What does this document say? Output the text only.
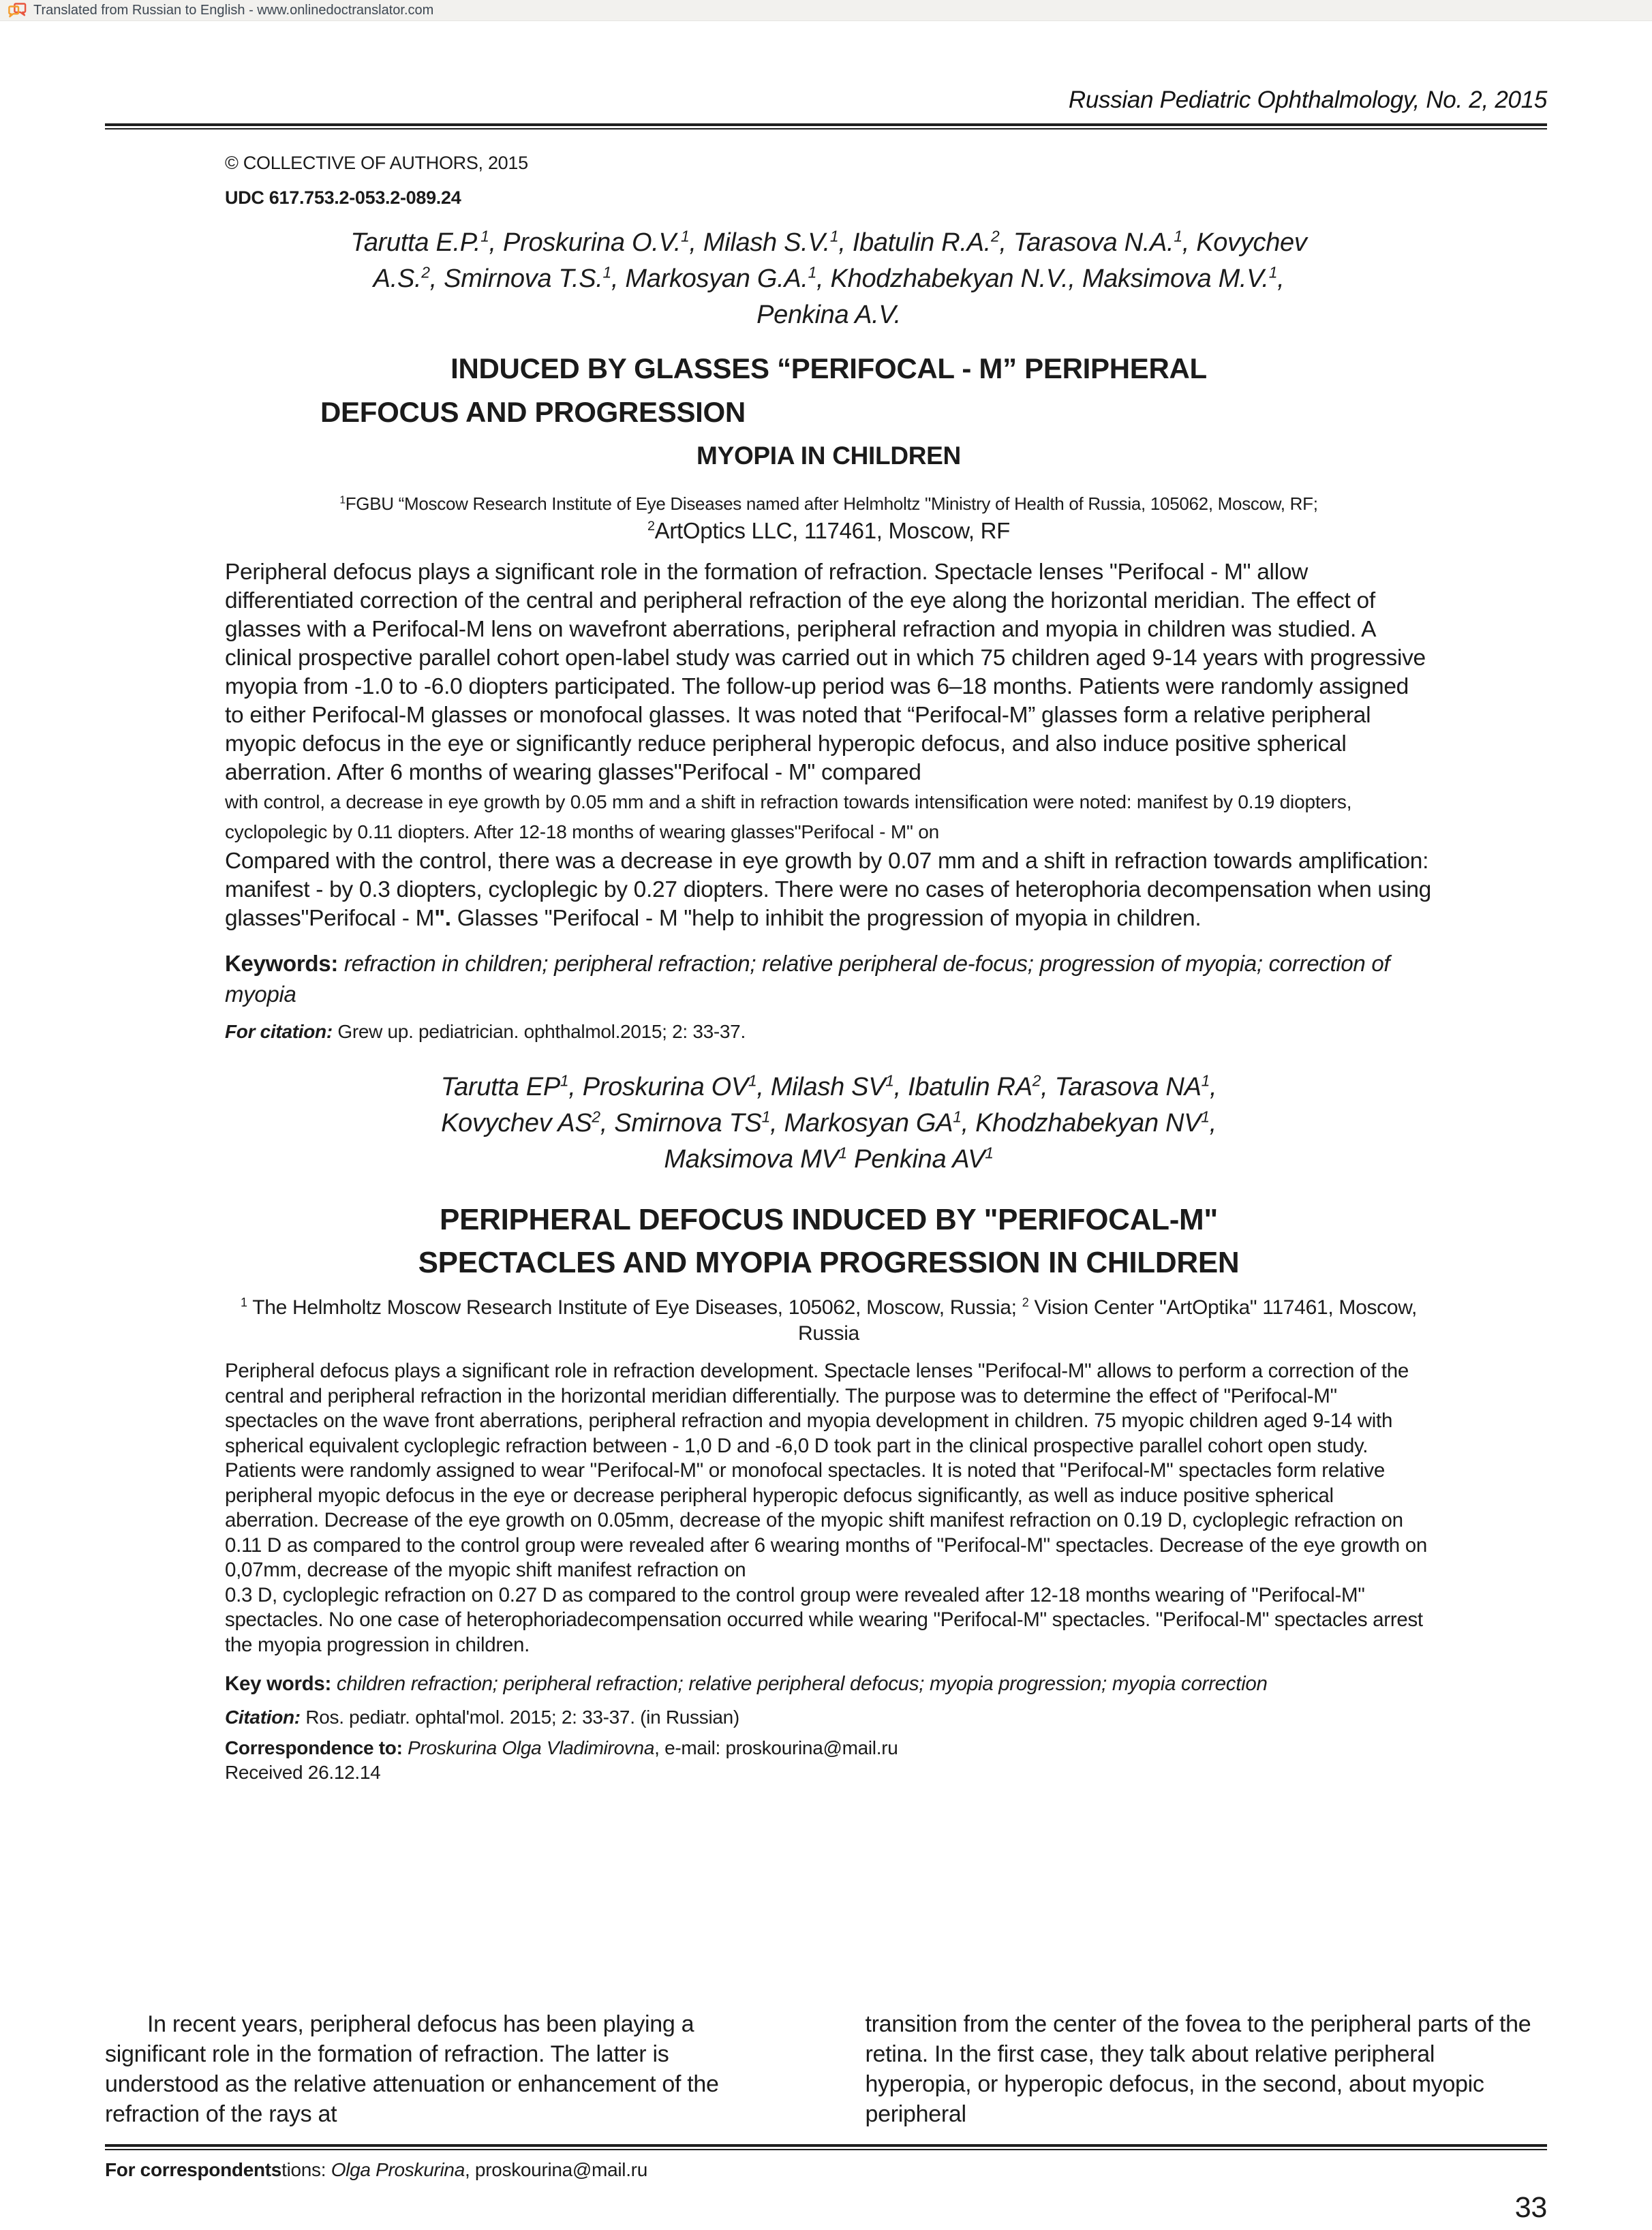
Translated from Russian to English - www.onlinedoctranslator.com
Russian Pediatric Ophthalmology, No. 2, 2015
© COLLECTIVE OF AUTHORS, 2015
UDC 617.753.2-053.2-089.24
Tarutta E.P.$^1$, Proskurina O.V.$^1$, Milash S.V.$^1$, Ibatulin R.A.$^2$, Tarasova N.A.$^1$, Kovychev
A.S.$^2$, Smirnova T.S.$^1$, Markosyan G.A.$^1$, Khodzhabekyan N.V., Maksimova M.V.$^1$,
Penkina A.V.
INDUCED BY GLASSES “PERIFOCAL - M” PERIPHERAL
DEFOCUS AND PROGRESSION
MYOPIA IN CHILDREN
$^1$FGBU “Moscow Research Institute of Eye Diseases named after Helmholtz "Ministry of Health of Russia, 105062, Moscow, RF;
$^2$ArtOptics LLC, 117461, Moscow, RF
Peripheral defocus plays a significant role in the formation of refraction. Spectacle lenses "Perifocal - M" allow differentiated correction of the central and peripheral refraction of the eye along the horizontal meridian. The effect of glasses with a Perifocal-M lens on wavefront aberrations, peripheral refraction and myopia in children was studied. A clinical prospective parallel cohort open-label study was carried out in which 75 children aged 9-14 years with progressive myopia from -1.0 to -6.0 diopters participated. The follow-up period was 6–18 months. Patients were randomly assigned to either Perifocal-M glasses or monofocal glasses. It was noted that “Perifocal-M” glasses form a relative peripheral myopic defocus in the eye or significantly reduce peripheral hyperopic defocus, and also induce positive spherical aberration. After 6 months of wearing glasses"Perifocal - M" compared
with control, a decrease in eye growth by 0.05 mm and a shift in refraction towards intensification were noted: manifest by 0.19 diopters, cyclopolegic by 0.11 diopters. After 12-18 months of wearing glasses"Perifocal - M" on
Compared with the control, there was a decrease in eye growth by 0.07 mm and a shift in refraction towards amplification: manifest - by 0.3 diopters, cycloplegic by 0.27 diopters. There were no cases of heterophoria decompensation when using glasses"Perifocal - M". Glasses "Perifocal - M "help to inhibit the progression of myopia in children.
Keywords: refraction in children; peripheral refraction; relative peripheral de-focus; progression of myopia; correction of myopia
For citation: Grew up. pediatrician. ophthalmol.2015; 2: 33-37.
Tarutta $EP^1$, Proskurina $OV^1$, Milash $SV^1$, Ibatulin $RA^2$, Tarasova $NA^1$,
Kovychev $AS^2$, Smirnova $TS^1$, Markosyan $GA^1$, Khodzhabekyan $NV^1$,
Maksimova $MV^1$ Penkina $AV^1$
PERIPHERAL DEFOCUS INDUCED BY "PERIFOCAL-M"
SPECTACLES AND MYOPIA PROGRESSION IN CHILDREN
$^1$ The Helmholtz Moscow Research Institute of Eye Diseases, 105062, Moscow, Russia; $^2$ Vision Center "ArtOptika" 117461, Moscow, Russia
Peripheral defocus plays a significant role in refraction development. Spectacle lenses "Perifocal-M" allows to perform a correction of the central and peripheral refraction in the horizontal meridian differentially. The purpose was to determine the effect of "Perifocal-M" spectacles on the wave front aberrations, peripheral refraction and myopia development in children. 75 myopic children aged 9-14 with spherical equivalent cycloplegic refraction between - 1,0 D and -6,0 D took part in the clinical prospective parallel cohort open study. Patients were randomly assigned to wear "Perifocal-M" or monofocal spectacles. It is noted that "Perifocal-M" spectacles form relative peripheral myopic defocus in the eye or decrease peripheral hyperopic defocus significantly, as well as induce positive spherical aberration. Decrease of the eye growth on 0.05mm, decrease of the myopic shift manifest refraction on 0.19 D, cycloplegic refraction on 0.11 D as compared to the control group were revealed after 6 wearing months of "Perifocal-M" spectacles. Decrease of the eye growth on 0,07mm, decrease of the myopic shift manifest refraction on
0.3 D, cycloplegic refraction on 0.27 D as compared to the control group were revealed after 12-18 months wearing of "Perifocal-M" spectacles. No one case of heterophoriadecompensation occurred while wearing "Perifocal-M" spectacles. "Perifocal-M" spectacles arrest the myopia progression in children.
Key words: children refraction; peripheral refraction; relative peripheral defocus; myopia progression; myopia correction
Citation: Ros. pediatr. ophtal'mol. 2015; 2: 33-37. (in Russian)
Correspondence to: Proskurina Olga Vladimirovna, e-mail: proskourina@mail.ru
Received 26.12.14

In recent years, peripheral defocus has been playing a significant role in the formation of refraction. The latter is understood as the relative attenuation or enhancement of the refraction of the rays at

transition from the center of the fovea to the peripheral parts of the retina. In the first case, they talk about relative peripheral hyperopia, or hyperopic defocus, in the second, about myopic peripheral

For correspondentstions: Olga Proskurina, proskourina@mail.ru
33
